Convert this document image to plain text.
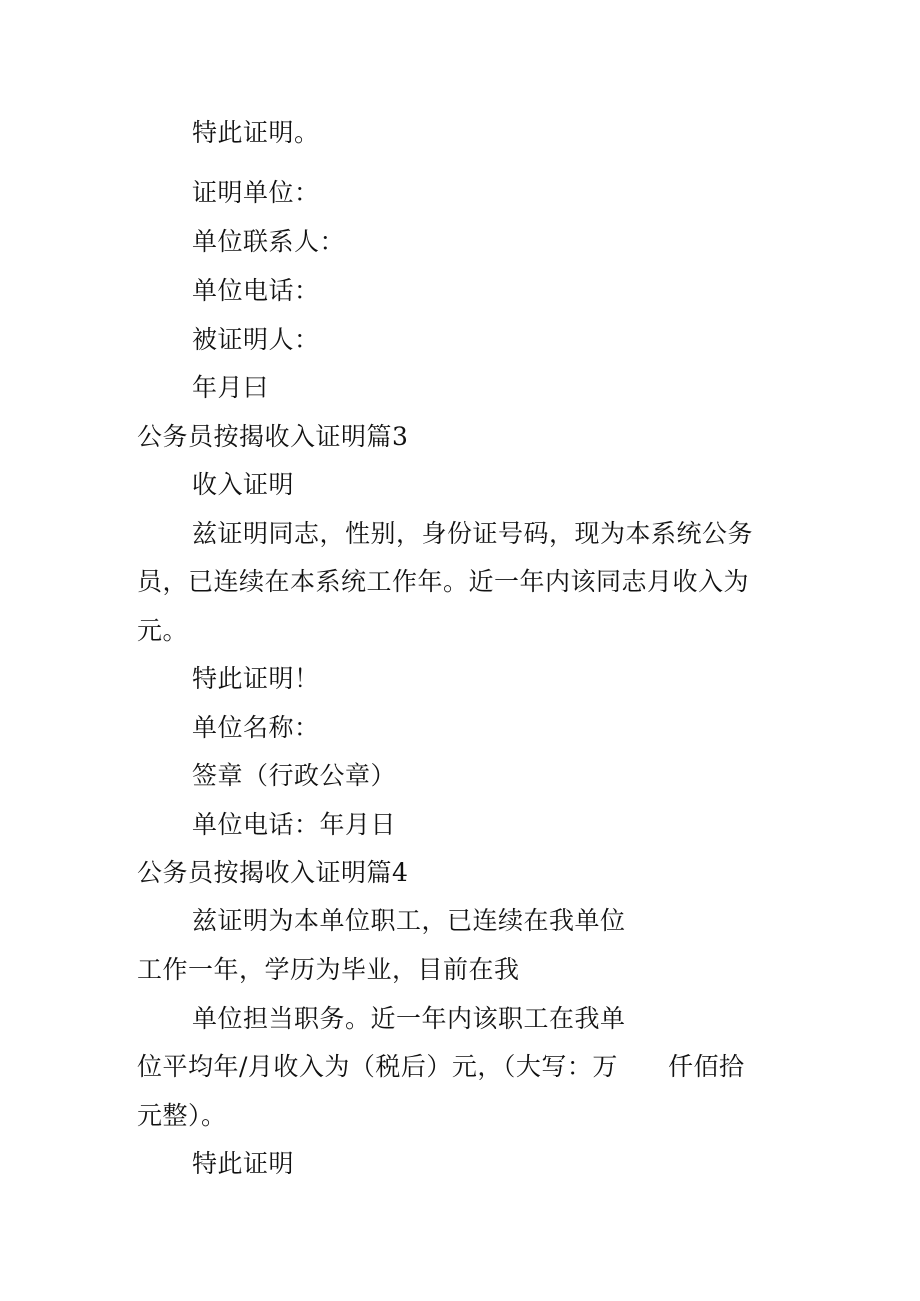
特此证明。
证明单位：
单位联系人：
单位电话：
被证明人：
年月曰
公务员按揭收入证明篇3
收入证明
兹证明同志，性别，身份证号码，现为本系统公务
员，已连续在本系统工作年。近一年内该同志月收入为
元。
特此证明！
单位名称：
签章（行政公章）
单位电话：年月日
公务员按揭收入证明篇4
兹证明为本单位职工，已连续在我单位
工作一年，学历为毕业，目前在我
单位担当职务。近一年内该职工在我单
位平均年/月收入为（税后）元，（大写：万 仟佰拾
元整）。
特此证明
